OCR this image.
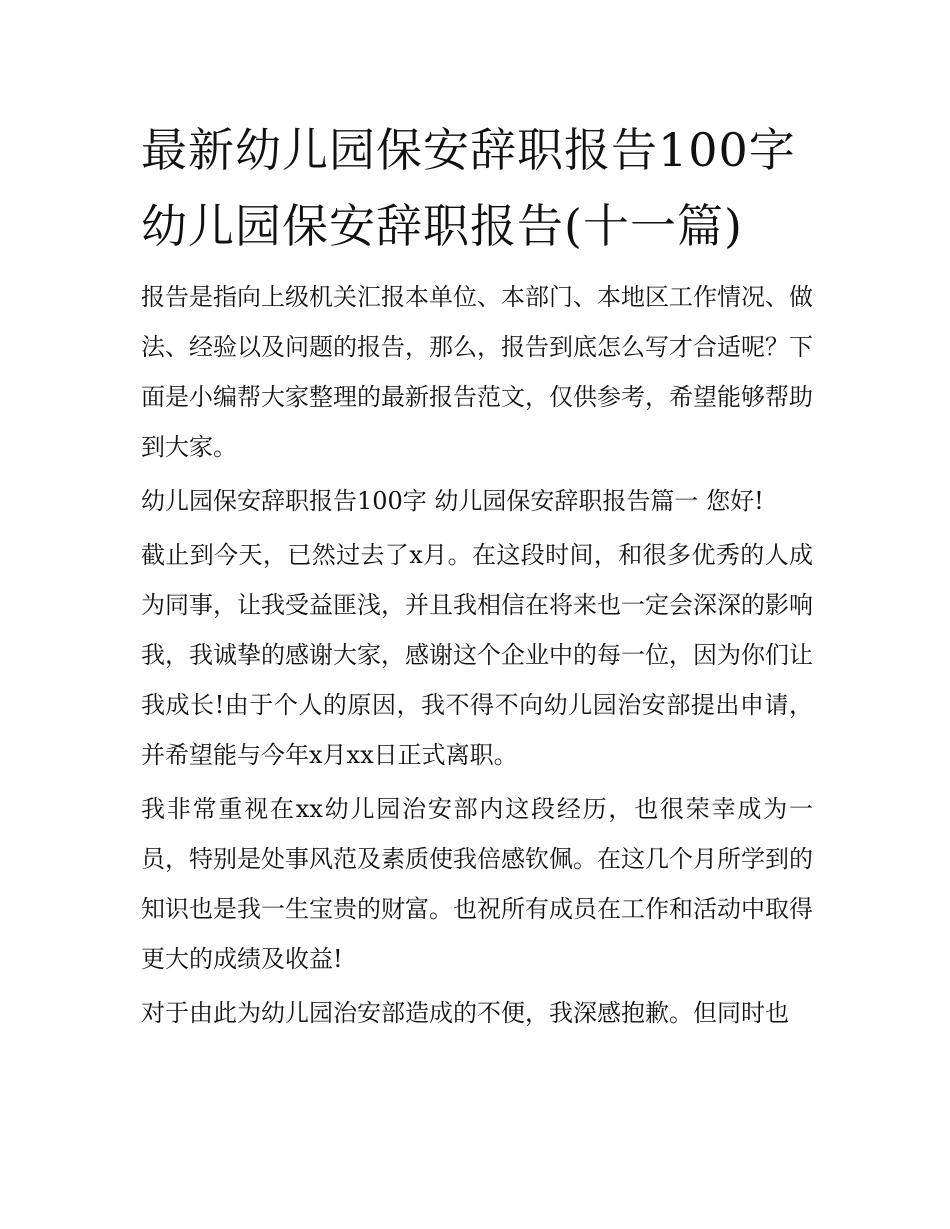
最新幼儿园保安辞职报告100字 幼儿园保安辞职报告(十一篇)

报告是指向上级机关汇报本单位、本部门、本地区工作情况、做法、经验以及问题的报告，那么，报告到底怎么写才合适呢？下面是小编帮大家整理的最新报告范文，仅供参考，希望能够帮助到大家。

幼儿园保安辞职报告100字 幼儿园保安辞职报告篇一 您好!

截止到今天，已然过去了x月。在这段时间，和很多优秀的人成为同事，让我受益匪浅，并且我相信在将来也一定会深深的影响我，我诚挚的感谢大家，感谢这个企业中的每一位，因为你们让我成长!由于个人的原因，我不得不向幼儿园治安部提出申请，并希望能与今年x月xx日正式离职。

我非常重视在xx幼儿园治安部内这段经历，也很荣幸成为一员，特别是处事风范及素质使我倍感钦佩。在这几个月所学到的知识也是我一生宝贵的财富。也祝所有成员在工作和活动中取得更大的成绩及收益!

对于由此为幼儿园治安部造成的不便，我深感抱歉。但同时也
